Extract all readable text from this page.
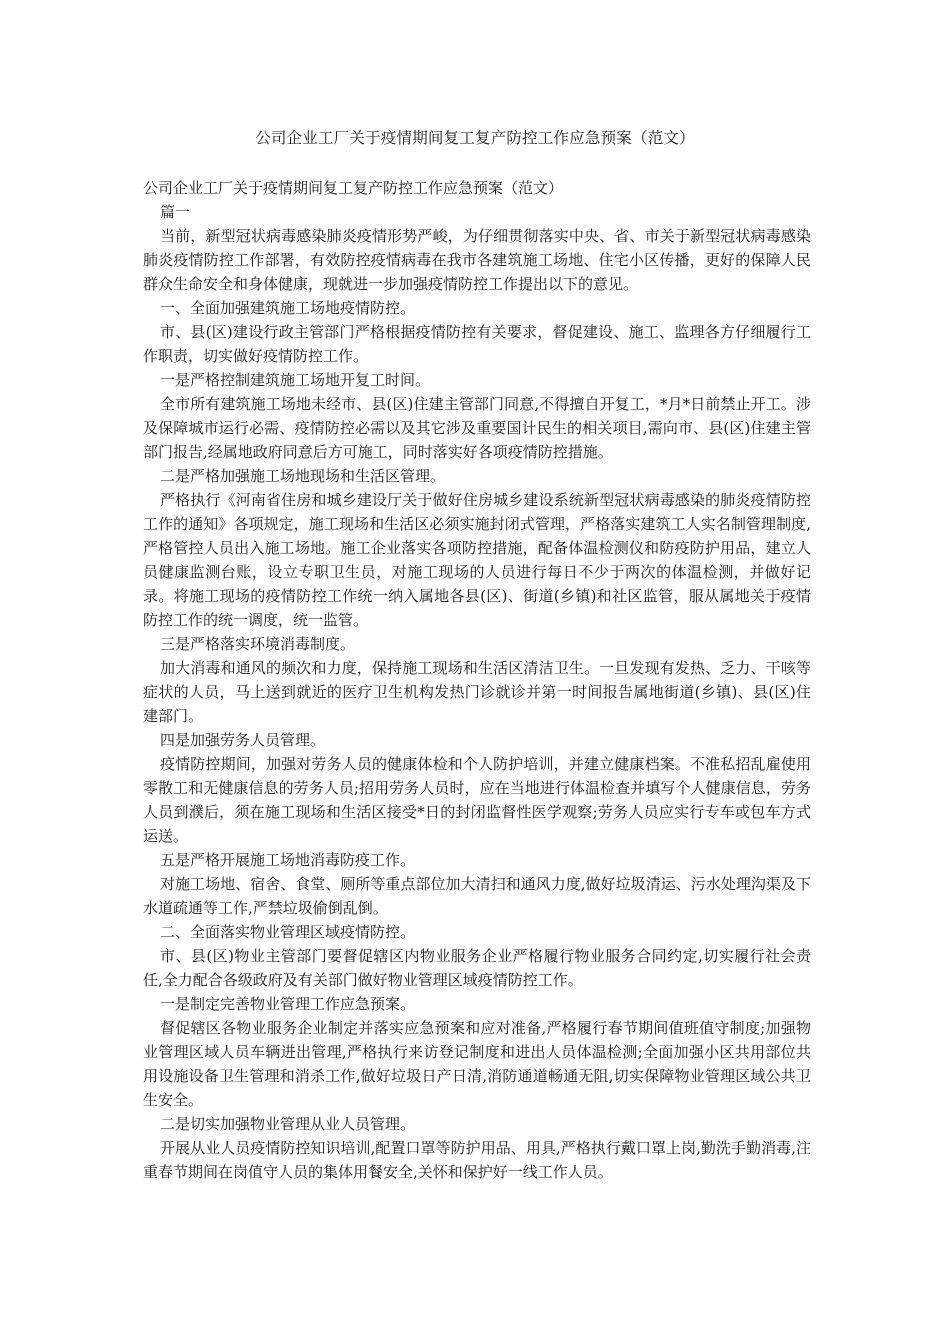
公司企业工厂关于疫情期间复工复产防控工作应急预案（范文）

公司企业工厂关于疫情期间复工复产防控工作应急预案（范文）

篇一

当前，新型冠状病毒感染肺炎疫情形势严峻，为仔细贯彻落实中央、省、市关于新型冠状病毒感染肺炎疫情防控工作部署，有效防控疫情病毒在我市各建筑施工场地、住宅小区传播，更好的保障人民群众生命安全和身体健康，现就进一步加强疫情防控工作提出以下的意见。

一、全面加强建筑施工场地疫情防控。

市、县(区)建设行政主管部门严格根据疫情防控有关要求，督促建设、施工、监理各方仔细履行工作职责，切实做好疫情防控工作。

一是严格控制建筑施工场地开复工时间。

全市所有建筑施工场地未经市、县(区)住建主管部门同意,不得擅自开复工，*月*日前禁止开工。涉及保障城市运行必需、疫情防控必需以及其它涉及重要国计民生的相关项目,需向市、县(区)住建主管部门报告,经属地政府同意后方可施工，同时落实好各项疫情防控措施。

二是严格加强施工场地现场和生活区管理。

严格执行《河南省住房和城乡建设厅关于做好住房城乡建设系统新型冠状病毒感染的肺炎疫情防控工作的通知》各项规定，施工现场和生活区必须实施封闭式管理，严格落实建筑工人实名制管理制度,严格管控人员出入施工场地。施工企业落实各项防控措施，配备体温检测仪和防疫防护用品，建立人员健康监测台账，设立专职卫生员，对施工现场的人员进行每日不少于两次的体温检测，并做好记录。将施工现场的疫情防控工作统一纳入属地各县(区)、街道(乡镇)和社区监管，服从属地关于疫情防控工作的统一调度，统一监管。

三是严格落实环境消毒制度。

加大消毒和通风的频次和力度，保持施工现场和生活区清洁卫生。一旦发现有发热、乏力、干咳等症状的人员，马上送到就近的医疗卫生机构发热门诊就诊并第一时间报告属地街道(乡镇)、县(区)住建部门。

四是加强劳务人员管理。

疫情防控期间，加强对劳务人员的健康体检和个人防护培训，并建立健康档案。不准私招乱雇使用零散工和无健康信息的劳务人员;招用劳务人员时，应在当地进行体温检查并填写个人健康信息，劳务人员到濮后，须在施工现场和生活区接受*日的封闭监督性医学观察;劳务人员应实行专车或包车方式运送。

五是严格开展施工场地消毒防疫工作。

对施工场地、宿舍、食堂、厕所等重点部位加大清扫和通风力度,做好垃圾清运、污水处理沟渠及下水道疏通等工作,严禁垃圾偷倒乱倒。

二、全面落实物业管理区域疫情防控。

市、县(区)物业主管部门要督促辖区内物业服务企业严格履行物业服务合同约定,切实履行社会责任,全力配合各级政府及有关部门做好物业管理区域疫情防控工作。

一是制定完善物业管理工作应急预案。

督促辖区各物业服务企业制定并落实应急预案和应对准备,严格履行春节期间值班值守制度;加强物业管理区域人员车辆进出管理,严格执行来访登记制度和进出人员体温检测;全面加强小区共用部位共用设施设备卫生管理和消杀工作,做好垃圾日产日清,消防通道畅通无阻,切实保障物业管理区域公共卫生安全。

二是切实加强物业管理从业人员管理。

开展从业人员疫情防控知识培训,配置口罩等防护用品、用具,严格执行戴口罩上岗,勤洗手勤消毒,注重春节期间在岗值守人员的集体用餐安全,关怀和保护好一线工作人员。
